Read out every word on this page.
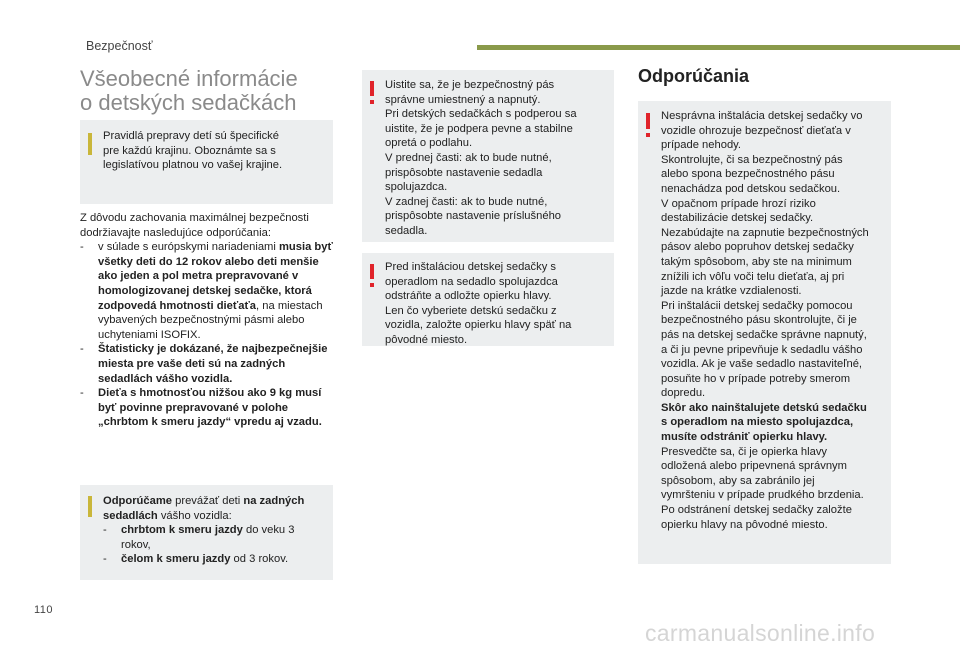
Bezpečnosť
Všeobecné informácie
o detských sedačkách

Pravidlá prepravy detí sú špecifické
pre každú krajinu. Oboznámte sa s
legislatívou platnou vo vašej krajine.

Z dôvodu zachovania maximálnej bezpečnosti dodržiavajte nasledujúce odporúčania:

-	v súlade s európskymi nariadeniami musia byť všetky deti do 12 rokov alebo deti menšie ako jeden a pol metra prepravované v homologizovanej detskej sedačke, ktorá zodpovedá hmotnosti dieťaťa, na miestach vybavených bezpečnostnými pásmi alebo uchyteniami ISOFIX.
-	Štatisticky je dokázané, že najbezpečnejšie miesta pre vaše deti sú na zadných sedadlách vášho vozidla.
-	Dieťa s hmotnosťou nižšou ako 9 kg musí byť povinne prepravované v polohe „chrbtom k smeru jazdy“ vpredu aj vzadu.

Odporúčame prevážať deti na zadných sedadlách vášho vozidla:

-	chrbtom k smeru jazdy do veku 3 rokov,
-	čelom k smeru jazdy od 3 rokov.

Uistite sa, že je bezpečnostný pás
správne umiestnený a napnutý.
Pri detských sedačkách s podperou sa
uistite, že je podpera pevne a stabilne
opretá o podlahu.
V prednej časti: ak to bude nutné,
prispôsobte nastavenie sedadla
spolujazdca.
V zadnej časti: ak to bude nutné,
prispôsobte nastavenie príslušného
sedadla.

Pred inštaláciou detskej sedačky s
operadlom na sedadlo spolujazdca
odstráňte a odložte opierku hlavy.
Len čo vyberiete detskú sedačku z
vozidla, založte opierku hlavy späť na
pôvodné miesto.

Odporúčania

Nesprávna inštalácia detskej sedačky vo
vozidle ohrozuje bezpečnosť dieťaťa v
prípade nehody.
Skontrolujte, či sa bezpečnostný pás
alebo spona bezpečnostného pásu
nenachádza pod detskou sedačkou.
V opačnom prípade hrozí riziko
destabilizácie detskej sedačky.
Nezabúdajte na zapnutie bezpečnostných
pásov alebo popruhov detskej sedačky
takým spôsobom, aby ste na minimum
znížili ich vôľu voči telu dieťaťa, aj pri
jazde na krátke vzdialenosti.
Pri inštalácii detskej sedačky pomocou
bezpečnostného pásu skontrolujte, či je
pás na detskej sedačke správne napnutý,
a či ju pevne pripevňuje k sedadlu vášho
vozidla. Ak je vaše sedadlo nastaviteľné,
posuňte ho v prípade potreby smerom
dopredu.

Skôr ako nainštalujete detskú sedačku
s operadlom na miesto spolujazdca,
musíte odstrániť opierku hlavy.

Presvedčte sa, či je opierka hlavy
odložená alebo pripevnená správnym
spôsobom, aby sa zabránilo jej
vymršteniu v prípade prudkého brzdenia.
Po odstránení detskej sedačky založte
opierku hlavy na pôvodné miesto.

110
carmanualsonline.info
